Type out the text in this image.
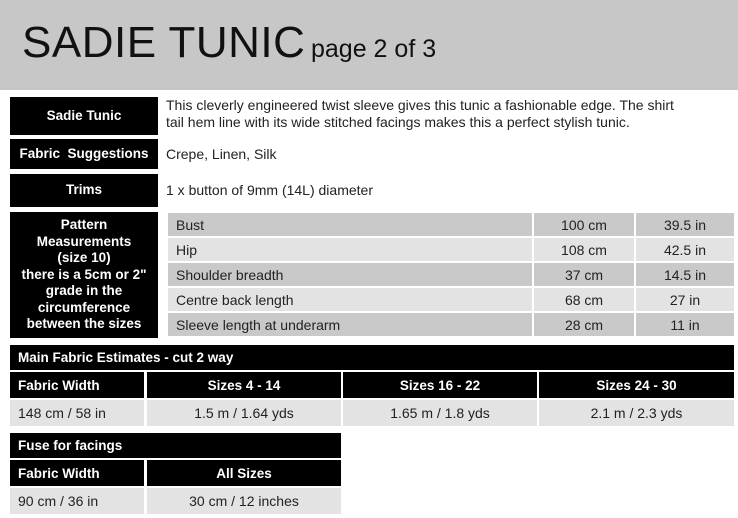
SADIE TUNIC page 2 of 3
Sadie Tunic
This cleverly engineered twist sleeve gives this tunic a fashionable edge. The shirt
tail hem line with its wide stitched facings makes this a perfect stylish tunic.
Fabric  Suggestions	Crepe, Linen, Silk
Trims	1 x button of 9mm (14L) diameter
Pattern
Measurements
(size 10)
there is a 5cm or 2"
grade in the
circumference
between the sizes
Bust	100 cm	39.5 in
Hip	108 cm	42.5 in
Shoulder breadth	37 cm	14.5 in
Centre back length	68 cm	27 in
Sleeve length at underarm	28 cm	11 in
Main Fabric Estimates - cut 2 way
Fabric Width	Sizes 4 - 14	Sizes 16 - 22	Sizes 24 - 30
148 cm / 58 in	1.5 m / 1.64 yds	1.65 m / 1.8 yds	2.1 m / 2.3 yds
Fuse for facings
Fabric Width	All Sizes
90 cm / 36 in	30 cm / 12 inches
